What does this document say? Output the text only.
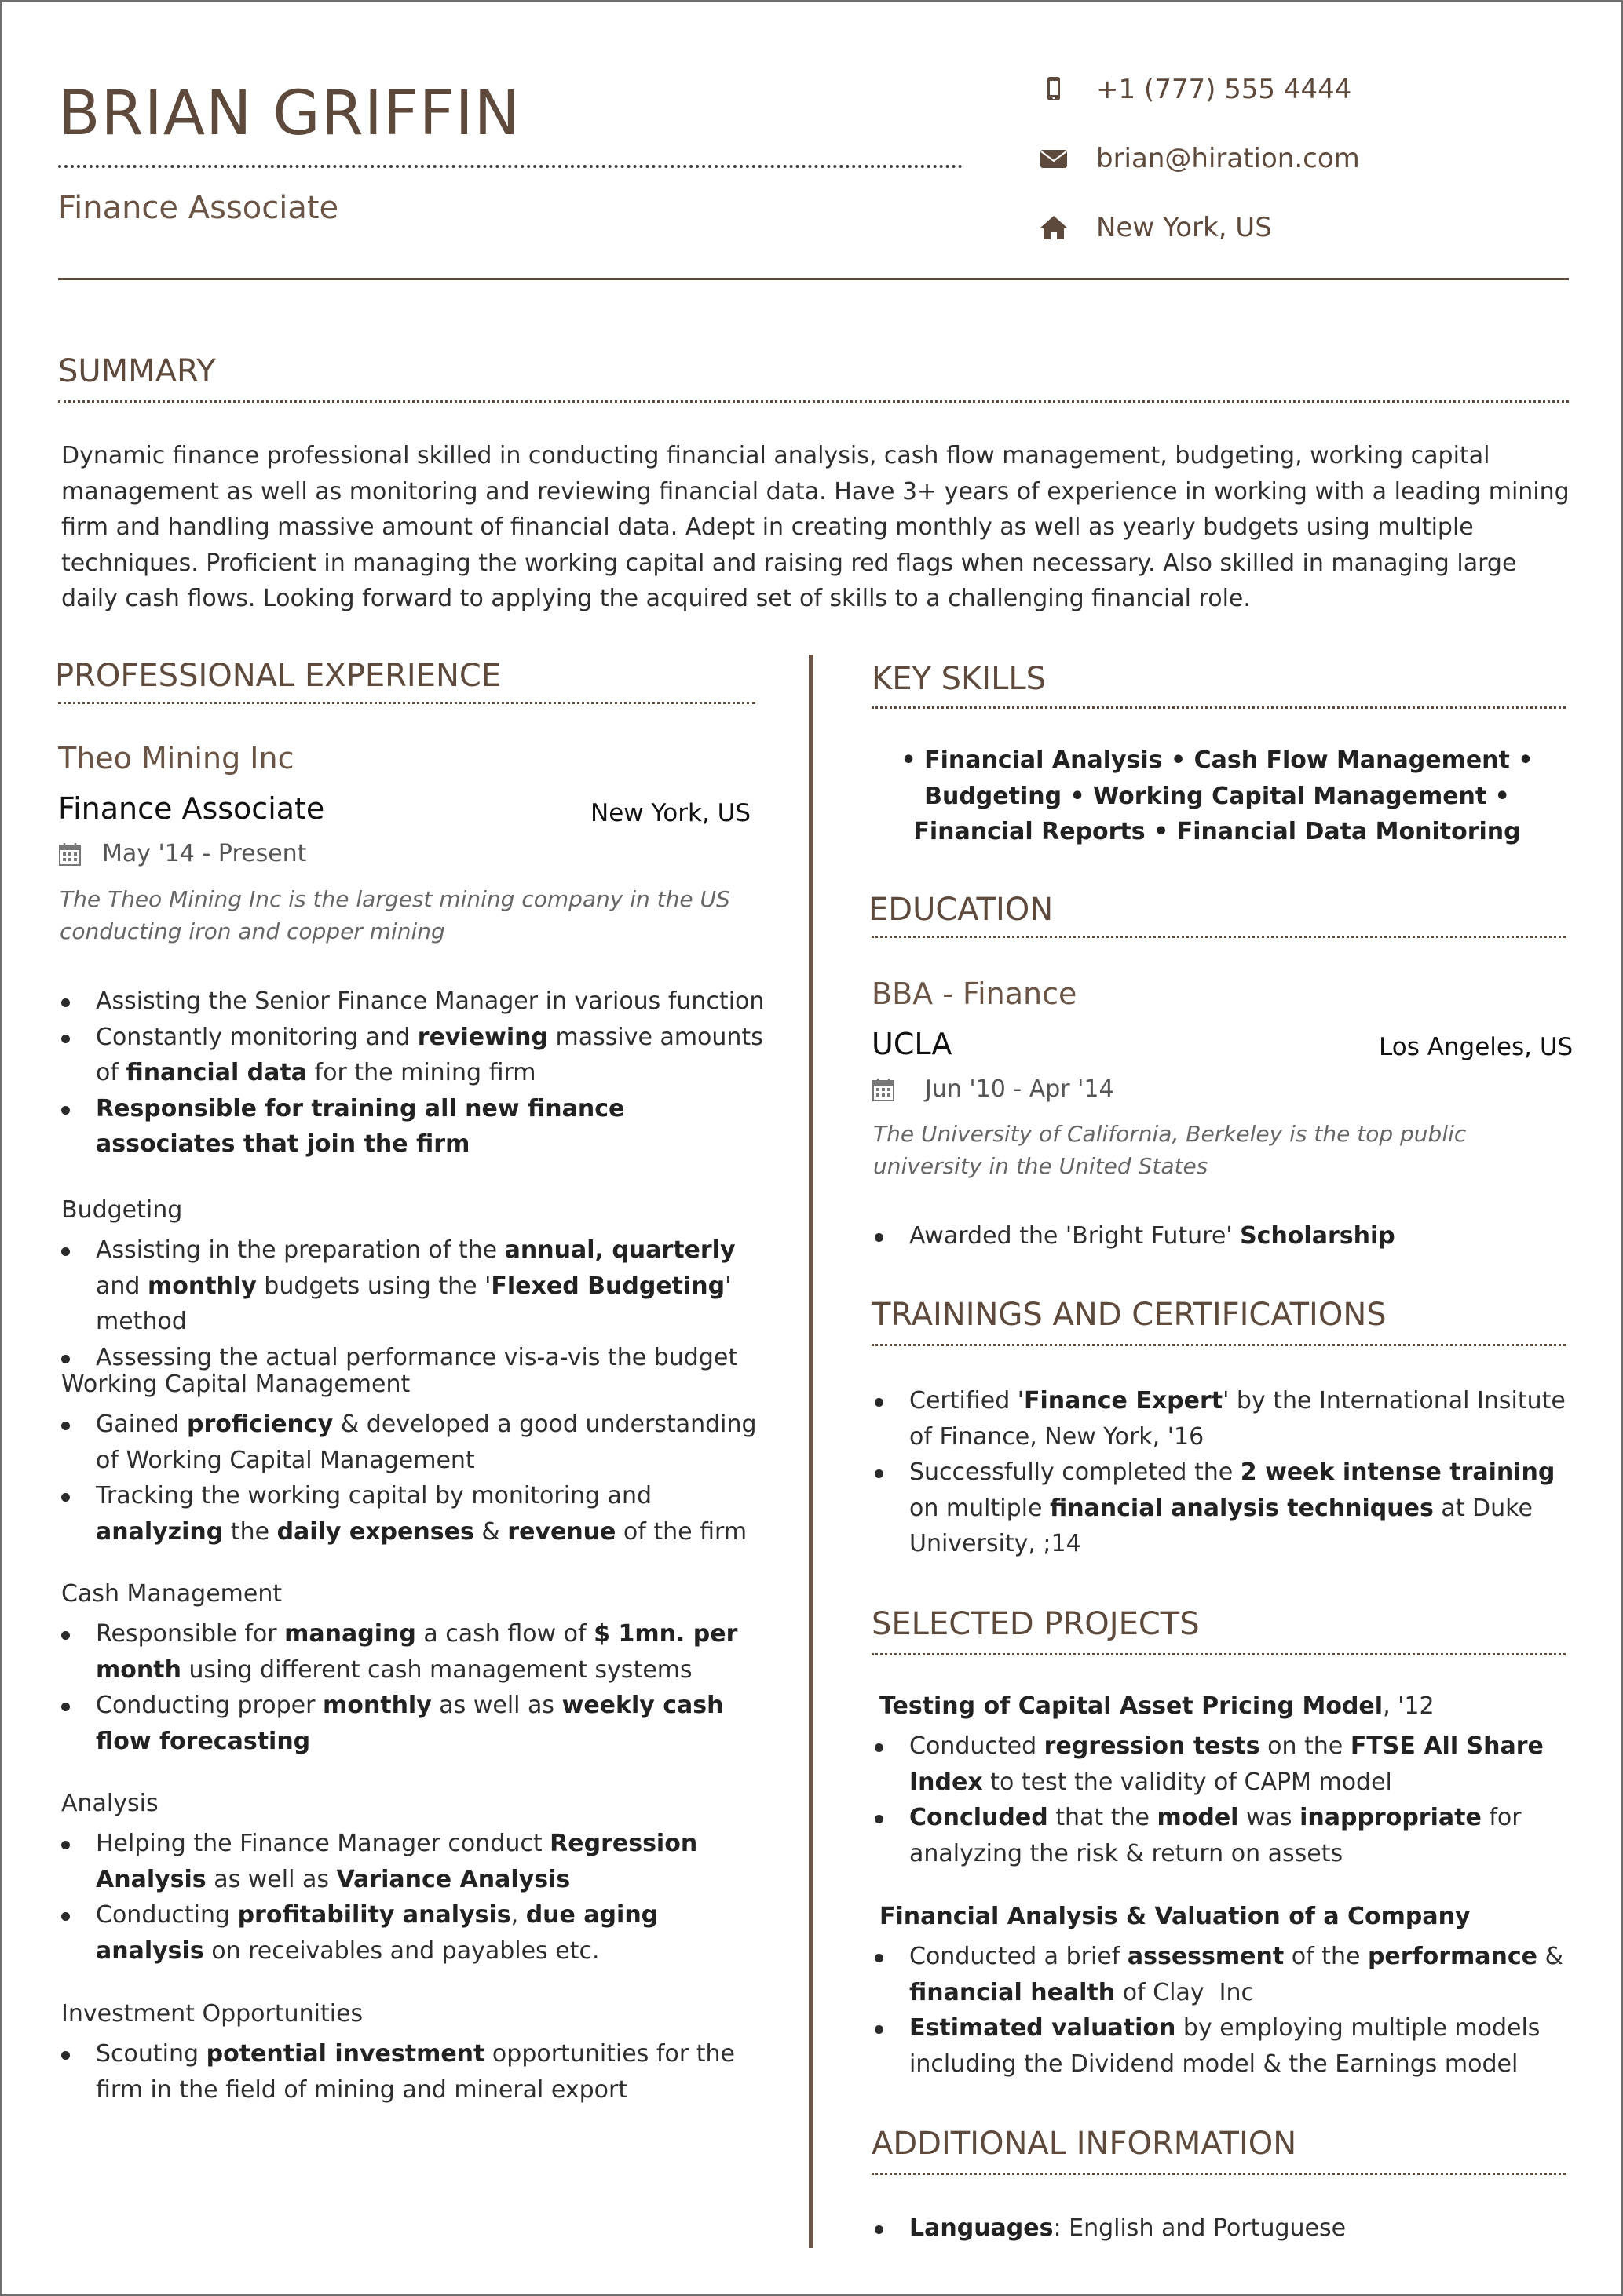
BRIAN GRIFFIN
Finance Associate
+1 (777) 555 4444
brian@hiration.com
New York, US
SUMMARY
Dynamic finance professional skilled in conducting financial analysis, cash flow management, budgeting, working capital management as well as monitoring and reviewing financial data. Have 3+ years of experience in working with a leading mining firm and handling massive amount of financial data. Adept in creating monthly as well as yearly budgets using multiple techniques. Proficient in managing the working capital and raising red flags when necessary. Also skilled in managing large daily cash flows. Looking forward to applying the acquired set of skills to a challenging financial role.
PROFESSIONAL EXPERIENCE
Theo Mining Inc
Finance Associate	New York, US
May '14 - Present
The Theo Mining Inc is the largest mining company in the US conducting iron and copper mining
Assisting the Senior Finance Manager in various function
Constantly monitoring and reviewing massive amounts of financial data for the mining firm
Responsible for training all new finance associates that join the firm
Budgeting
Assisting in the preparation of the annual, quarterly and monthly budgets using the 'Flexed Budgeting' method
Assessing the actual performance vis-a-vis the budget
Working Capital Management
Gained proficiency & developed a good understanding of Working Capital Management
Tracking the working capital by monitoring and analyzing the daily expenses & revenue of the firm
Cash Management
Responsible for managing a cash flow of $ 1mn. per month using different cash management systems
Conducting proper monthly as well as weekly cash flow forecasting
Analysis
Helping the Finance Manager conduct Regression Analysis as well as Variance Analysis
Conducting profitability analysis, due aging analysis on receivables and payables etc.
Investment Opportunities
Scouting potential investment opportunities for the firm in the field of mining and mineral export
KEY SKILLS
• Financial Analysis • Cash Flow Management • Budgeting • Working Capital Management • Financial Reports • Financial Data Monitoring
EDUCATION
BBA - Finance
UCLA	Los Angeles, US
Jun '10 - Apr '14
The University of California, Berkeley is the top public university in the United States
Awarded the 'Bright Future' Scholarship
TRAININGS AND CERTIFICATIONS
Certified 'Finance Expert' by the International Insitute of Finance, New York, '16
Successfully completed the 2 week intense training on multiple financial analysis techniques at Duke University, ;14
SELECTED PROJECTS
Testing of Capital Asset Pricing Model, '12
Conducted regression tests on the FTSE All Share Index to test the validity of CAPM model
Concluded that the model was inappropriate for analyzing the risk & return on assets
Financial Analysis & Valuation of a Company
Conducted a brief assessment of the performance & financial health of Clay  Inc
Estimated valuation by employing multiple models including the Dividend model & the Earnings model
ADDITIONAL INFORMATION
Languages: English and Portuguese
